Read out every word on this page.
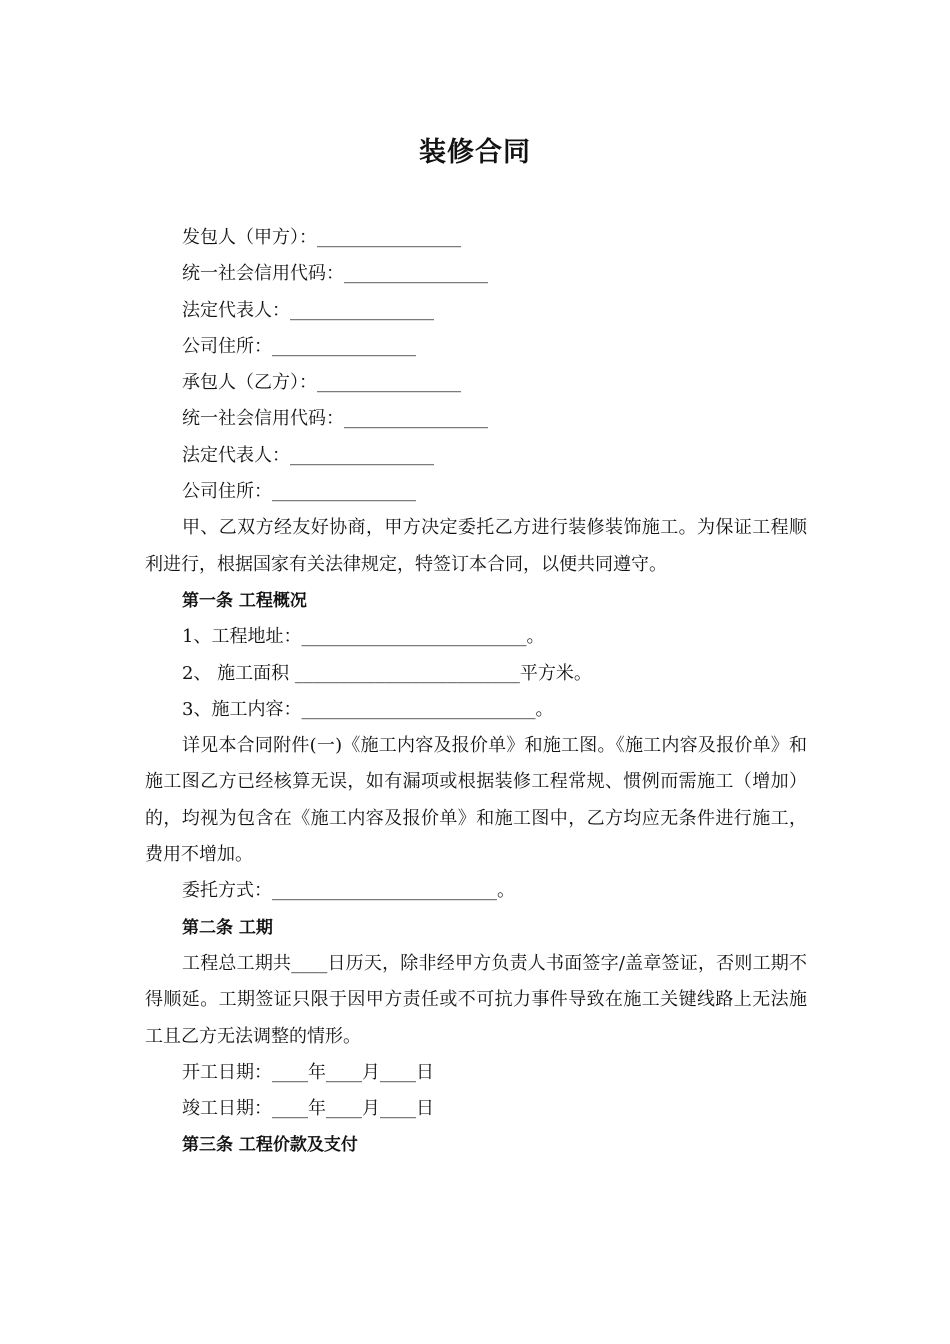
装修合同
发包人（甲方）：________________
统一社会信用代码：________________
法定代表人：________________
公司住所：________________
承包人（乙方）：________________
统一社会信用代码：________________
法定代表人：________________
公司住所：________________
甲、乙双方经友好协商，甲方决定委托乙方进行装修装饰施工。为保证工程顺利进行，根据国家有关法律规定，特签订本合同，以便共同遵守。
第一条 工程概况
1、工程地址：_________________________。
2、 施工面积 _________________________平方米。
3、施工内容：__________________________。
详见本合同附件(一)《施工内容及报价单》和施工图。《施工内容及报价单》和施工图乙方已经核算无误，如有漏项或根据装修工程常规、惯例而需施工（增加）的，均视为包含在《施工内容及报价单》和施工图中，乙方均应无条件进行施工，费用不增加。
委托方式：_________________________。
第二条 工期
工程总工期共____日历天，除非经甲方负责人书面签字/盖章签证，否则工期不得顺延。工期签证只限于因甲方责任或不可抗力事件导致在施工关键线路上无法施工且乙方无法调整的情形。
开工日期：____年____月____日
竣工日期：____年____月____日
第三条 工程价款及支付
